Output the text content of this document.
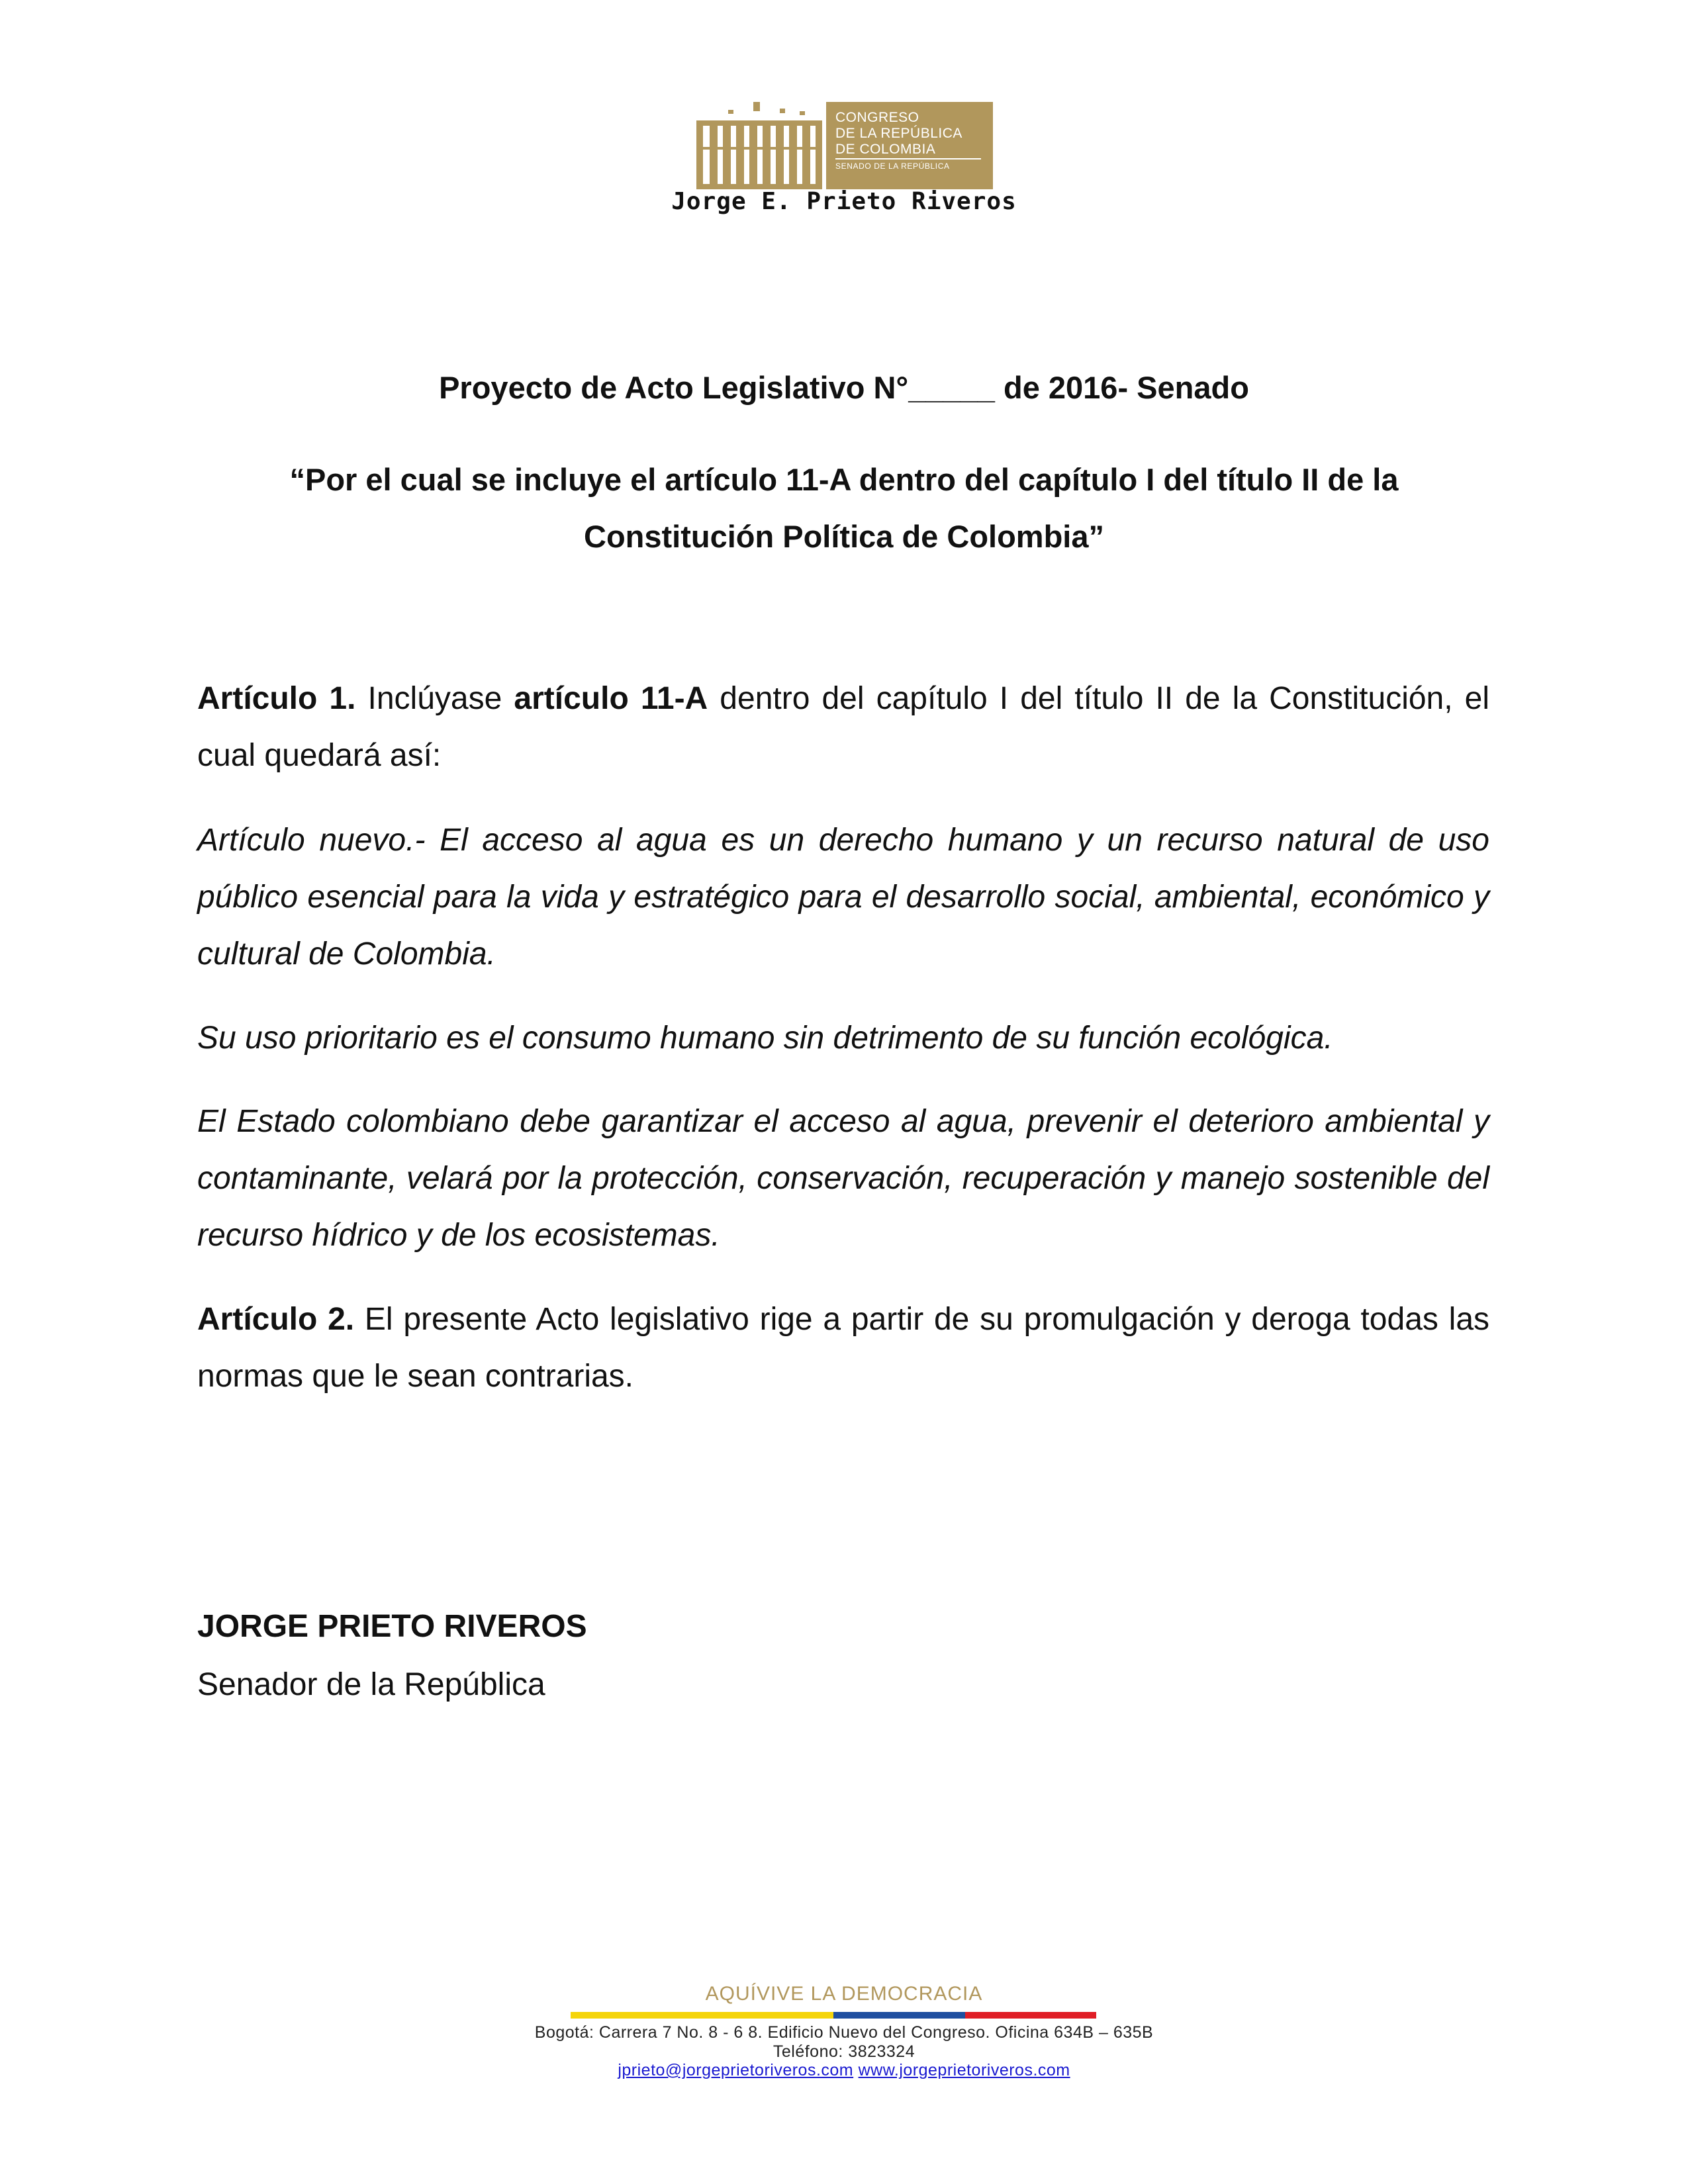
CONGRESO
DE LA REPÚBLICA
DE COLOMBIA
SENADO DE LA REPÚBLICA
Jorge E. Prieto Riveros
Proyecto de Acto Legislativo N°_____ de 2016- Senado
“Por el cual se incluye el artículo 11-A dentro del capítulo I del título II de la Constitución Política de Colombia”

Artículo 1. Inclúyase artículo 11-A dentro del capítulo I del título II de la Constitución, el cual quedará así:

Artículo nuevo.- El acceso al agua es un derecho humano y un recurso natural de uso público esencial para la vida y estratégico para el desarrollo social, ambiental, económico y cultural de Colombia.

Su uso prioritario es el consumo humano sin detrimento de su función ecológica.

El Estado colombiano debe garantizar el acceso al agua, prevenir el deterioro ambiental y contaminante, velará por la protección, conservación, recuperación y manejo sostenible del recurso hídrico y de los ecosistemas.

Artículo 2. El presente Acto legislativo rige a partir de su promulgación y deroga todas las normas que le sean contrarias.

JORGE PRIETO RIVEROS
Senador de la República
AQUÍVIVE LA DEMOCRACIA
Bogotá: Carrera 7 No. 8 - 6 8. Edificio Nuevo del Congreso. Oficina 634B – 635B
Teléfono: 3823324
jprieto@jorgeprietoriveros.com www.jorgeprietoriveros.com
